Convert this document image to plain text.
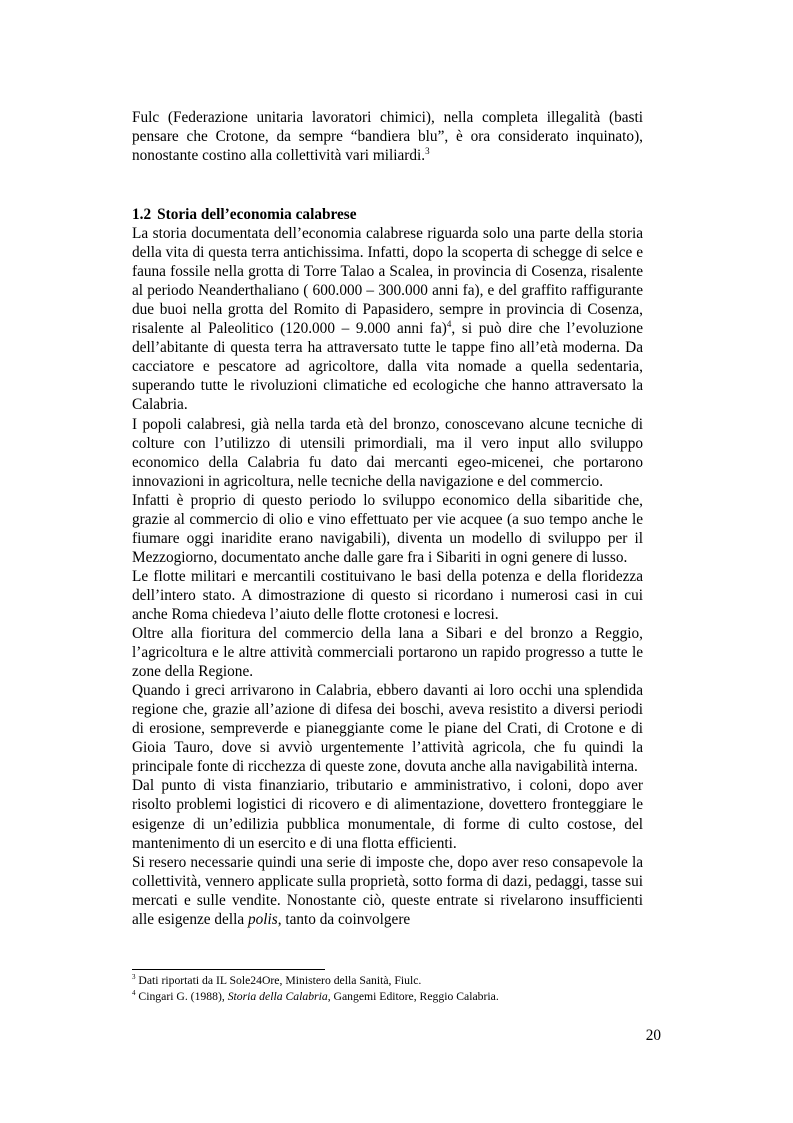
Fulc (Federazione unitaria lavoratori chimici), nella completa illegalità (basti pensare che Crotone, da sempre “bandiera blu”, è ora considerato inquinato), nonostante costino alla collettività vari miliardi.$^3$

1.2 Storia dell’economia calabrese

La storia documentata dell’economia calabrese riguarda solo una parte della storia della vita di questa terra antichissima. Infatti, dopo la scoperta di schegge di selce e fauna fossile nella grotta di Torre Talao a Scalea, in provincia di Cosenza, risalente al periodo Neanderthaliano ( 600.000 – 300.000 anni fa), e del graffito raffigurante due buoi nella grotta del Romito di Papasidero, sempre in provincia di Cosenza, risalente al Paleolitico (120.000 – 9.000 anni fa)$^4$, si può dire che l’evoluzione dell’abitante di questa terra ha attraversato tutte le tappe fino all’età moderna. Da cacciatore e pescatore ad agricoltore, dalla vita nomade a quella sedentaria, superando tutte le rivoluzioni climatiche ed ecologiche che hanno attraversato la Calabria.

I popoli calabresi, già nella tarda età del bronzo, conoscevano alcune tecniche di colture con l’utilizzo di utensili primordiali, ma il vero input allo sviluppo economico della Calabria fu dato dai mercanti egeo-micenei, che portarono innovazioni in agricoltura, nelle tecniche della navigazione e del commercio.

Infatti è proprio di questo periodo lo sviluppo economico della sibaritide che, grazie al commercio di olio e vino effettuato per vie acquee (a suo tempo anche le fiumare oggi inaridite erano navigabili), diventa un modello di sviluppo per il Mezzogiorno, documentato anche dalle gare fra i Sibariti in ogni genere di lusso.

Le flotte militari e mercantili costituivano le basi della potenza e della floridezza dell’intero stato. A dimostrazione di questo si ricordano i numerosi casi in cui anche Roma chiedeva l’aiuto delle flotte crotonesi e locresi.

Oltre alla fioritura del commercio della lana a Sibari e del bronzo a Reggio, l’agricoltura e le altre attività commerciali portarono un rapido progresso a tutte le zone della Regione.

Quando i greci arrivarono in Calabria, ebbero davanti ai loro occhi una splendida regione che, grazie all’azione di difesa dei boschi, aveva resistito a diversi periodi di erosione, sempreverde e pianeggiante come le piane del Crati, di Crotone e di Gioia Tauro, dove si avviò urgentemente l’attività agricola, che fu quindi la principale fonte di ricchezza di queste zone, dovuta anche alla navigabilità interna.

Dal punto di vista finanziario, tributario e amministrativo, i coloni, dopo aver risolto problemi logistici di ricovero e di alimentazione, dovettero fronteggiare le esigenze di un’edilizia pubblica monumentale, di forme di culto costose, del mantenimento di un esercito e di una flotta efficienti.

Si resero necessarie quindi una serie di imposte che, dopo aver reso consapevole la collettività, vennero applicate sulla proprietà, sotto forma di dazi, pedaggi, tasse sui mercati e sulle vendite. Nonostante ciò, queste entrate si rivelarono insufficienti alle esigenze della polis, tanto da coinvolgere

$^3$ Dati riportati da IL Sole24Ore, Ministero della Sanità, Fiulc.

$^4$ Cingari G. (1988), Storia della Calabria, Gangemi Editore, Reggio Calabria.

20
